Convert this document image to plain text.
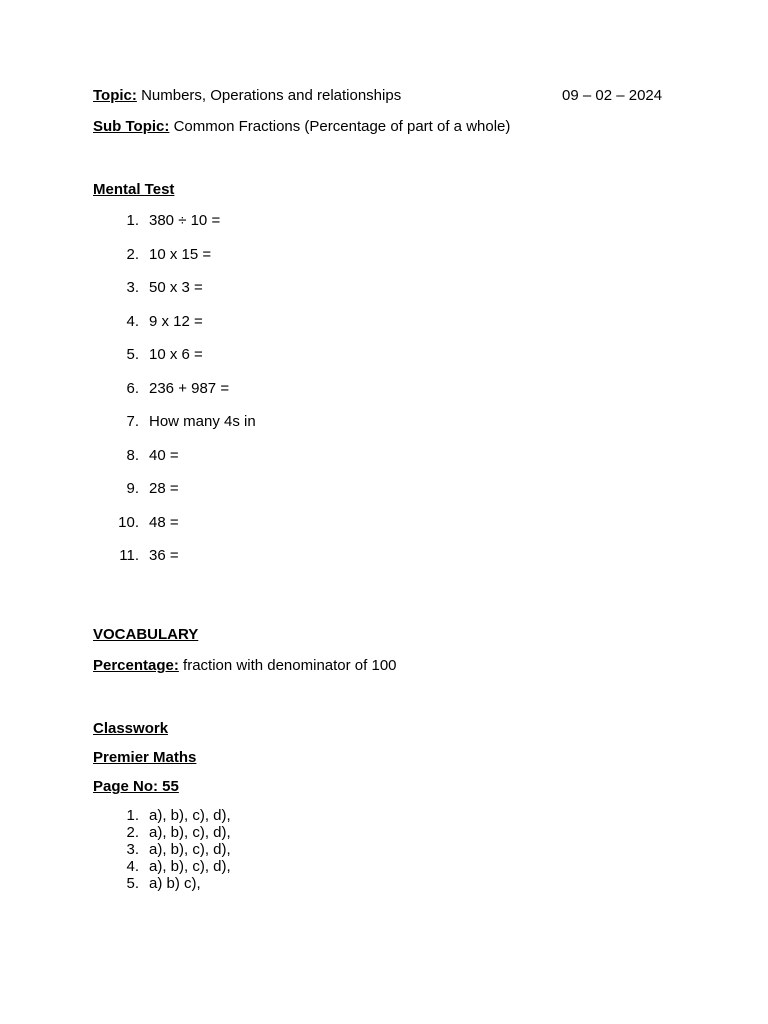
Topic: Numbers, Operations and relationships	09 – 02 – 2024
Sub Topic: Common Fractions (Percentage of part of a whole)
Mental Test
1. 380 ÷ 10 =
2. 10 x 15 =
3. 50 x 3 =
4. 9 x 12 =
5. 10 x 6 =
6. 236 + 987 =
7. How many 4s in
8. 40 =
9. 28 =
10. 48 =
11. 36 =
VOCABULARY
Percentage: fraction with denominator of 100
Classwork
Premier Maths
Page No: 55
1. a), b), c), d),
2. a), b), c), d),
3. a), b), c), d),
4. a), b), c), d),
5. a) b) c),
